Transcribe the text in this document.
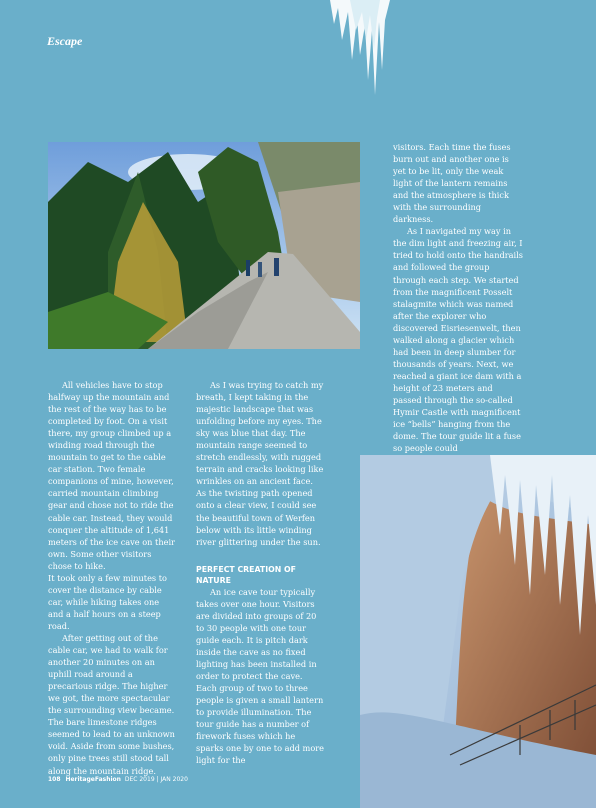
Escape

All vehicles have to stop halfway up the mountain and the rest of the way has to be completed by foot. On a visit there, my group climbed up a winding road through the mountain to get to the cable car station. Two female companions of mine, however, carried mountain climbing gear and chose not to ride the cable car. Instead, they would conquer the altitude of 1,641 meters of the ice cave on their own. Some other visitors chose to hike.

It took only a few minutes to cover the distance by cable car, while hiking takes one and a half hours on a steep road.

After getting out of the cable car, we had to walk for another 20 minutes on an uphill road around a precarious ridge. The higher we got, the more spectacular the surrounding view became. The bare limestone ridges seemed to lead to an unknown void. Aside from some bushes, only pine trees still stood tall along the mountain ridge.

As I was trying to catch my breath, I kept taking in the majestic landscape that was unfolding before my eyes. The sky was blue that day. The mountain range seemed to stretch endlessly, with rugged terrain and cracks looking like wrinkles on an ancient face.

As the twisting path opened onto a clear view, I could see the beautiful town of Werfen below with its little winding river glittering under the sun.

PERFECT CREATION OF NATURE

An ice cave tour typically takes over one hour. Visitors are divided into groups of 20 to 30 people with one tour guide each. It is pitch dark inside the cave as no fixed lighting has been installed in order to protect the cave. Each group of two to three people is given a small lantern to provide illumination. The tour guide has a number of firework fuses which he sparks one by one to add more light for the

visitors. Each time the fuses burn out and another one is yet to be lit, only the weak light of the lantern remains and the atmosphere is thick with the surrounding darkness.

As I navigated my way in the dim light and freezing air, I tried to hold onto the handrails and followed the group through each step. We started from the magnificent Posselt stalagmite which was named after the explorer who discovered Eisriesenwelt, then walked along a glacier which had been in deep slumber for thousands of years. Next, we reached a giant ice dam with a height of 23 meters and passed through the so-called Hymir Castle with magnificent ice “bells” hanging from the dome. The tour guide lit a fuse so people could

108 HeritageFashion DEC 2019 | JAN 2020
